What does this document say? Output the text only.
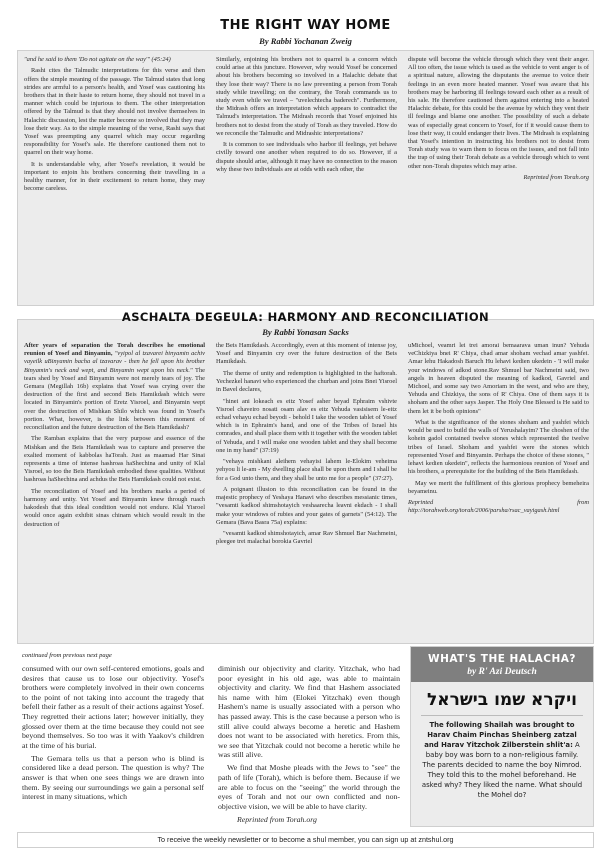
THE RIGHT WAY HOME
By Rabbi Yochanan Zweig

"and he said to them 'Do not agitate on the way'" (45:24)

Rashi cites the Talmudic interpretations for this verse and then offers the simple meaning of the passage. The Talmud states that long strides are armful to a person's health, and Yosef was cautioning his brothers that in their haste to return home, they should not travel in a manner which could be injurious to them. The other interpretation offered by the Talmud is that they should not involve themselves in Halachic discussion, lest the matter become so involved that they may lose their way. As to the simple meaning of the verse, Rashi says that Yosef was preempting any quarrel which may occur regarding responsibility for Yosef's sale. He therefore cautioned them not to quarrel on their way home.

It is understandable why, after Yosef's revelation, it would be important to enjoin his brothers concerning their travelling in a healthy manner, for in their excitement to return home, they may become careless.

Similarly, enjoining his brothers not to quarrel is a concern which could arise at this juncture. However, why would Yosef be concerned about his brothers becoming so involved in a Halachic debate that they lose their way? There is no law preventing a person from Torah study while travelling; on the contrary, the Torah commands us to study even while we travel – "uvelechtecha baderech". Furthermore, the Midrash offers an interpretation which appears to contradict the Talmud's interpretation. The Midrash records that Yosef enjoined his brothers not to desist from the study of Torah as they traveled. How do we reconcile the Talmudic and Midrashic interpretations?

It is common to see individuals who harbor ill feelings, yet behave civilly toward one another when required to do so. However, if a dispute should arise, although it may have no connection to the reason why these two individuals are at odds with each other, the

dispute will become the vehicle through which they vent their anger. All too often, the issue which is used as the vehicle to vent anger is of a spiritual nature, allowing the disputants the avenue to voice their feelings in an even more heated manner. Yosef was aware that his brothers may be harboring ill feelings toward each other as a result of his sale. He therefore cautioned them against entering into a heated Halachic debate, for this could be the avenue by which they vent their ill feelings and blame one another. The possibility of such a debate was of especially great concern to Yosef, for if it would cause them to lose their way, it could endanger their lives. The Midrash is explaining that Yosef's intention in instructing his brothers not to desist from Torah study was to warn them to focus on the issues, and not fall into the trap of using their Torah debate as a vehicle through which to vent other non-Torah disputes which may arise.

Reprinted from Torah.org

ASCHALTA DEGEULA: HARMONY AND RECONCILIATION
By Rabbi Yonasan Sacks

After years of separation the Torah describes he emotional reunion of Yosef and Binyamin, "vyipol al tzavarei binyamin achiv vayeilk uBinyamin bacha al tzavarav - then he fell upon his brother Binyamin's neck and wept, and Binyamin wept upon his neck." The tears shed by Yosef and Binyamin were not merely tears of joy. The Gemara (Megillah 16b) explains that Yosef was crying over the destruction of the first and second Beis Hamikdash which were located in Binyamin's portion of Eretz Yisroel, and Binyamin wept over the destruction of Mishkan Shilo which was found in Yosef's portion. What, however, is the link between this moment of reconciliation and the future destruction of the Beis Hamikdash?

The Ramban explains that the very purpose and essence of the Mishkan and the Beis Hamikdash was to capture and preserve the exalted moment of kabbolas haTorah. Just as maamad Har Sinai represents a time of intense hashroas haShechina and unity of Klal Yisroel, so too the Beis Hamikdash embodied these qualities. Without hashroas haShechina and achdus the Beis Hamikdash could not exist.

The reconciliation of Yosef and his brothers marks a period of harmony and unity. Yet Yosef and Binyamin knew through ruach hakodesh that this ideal condition would not endure. Klal Yisroel would once again exhibit sinas chinam which would result in the destruction of

the Beis Hamikdash. Accordingly, even at this moment of intense joy, Yosef and Binyamin cry over the future destruction of the Beis Hamikdash.

The theme of unity and redemption is highlighted in the haftorah. Yechezkel hanavi who experienced the churban and joins Bnei Yisroel in Bavel declares,

"hinei ani lokeach es eitz Yosef asher beyad Ephraim vshivte Yisroel chaveiro nosati osam alav es eitz Yehuda vasisisem le-eitz echad vehayu echad beyodi - behold I take the wooden tablet of Yosef which is in Ephraim's hand, and one of the Tribes of Israel his comrades, and shall place them with it together with the wooden tablet of Yehuda, and I will make one wooden tablet and they shall become one in my hand" (37:19)

"vehaya mishkani aleihem vehayisi lahem le-Elokim veheima yehyou li le-am - My dwelling place shall be upon them and I shall be for a God unto them, and they shall be unto me for a people" (37:27).

A poignant illusion to this reconciliation can be found in the majestic prophecy of Yeshaya Hanavi who describes messianic times, "vesamti kadkod shimshotayich veshaarecha leavni ekdach - I shall make your windows of rubies and your gates of garnets" (54:12). The Gemara (Bava Basra 75a) explains:

"vesamti kadkod shimshotayich, amar Rav Shmuel Bar Nachmeini, pleegee trei malachai borokia Gavriel

uMichoel, veamri lei trei amorai bemaarava uman inun? Yehuda veChizkiya bnei R' Chiya, chad amar shoham vechad amar yashfei. Amar lehu Hakadosh Baruch Hu lehavi kedien ukedein - 'I will make your windows of adkod stone.Rav Shmuel bar Nachmeini said, two angels in heaven disputed the meaning of kadkod, Gavriel and Michoel, and some say two Amoriam in the west, and who are they, Yehuda and Chizkiya, the sons of R' Chiya. One of them says it is shoham and the other says Jasper. The Holy One Blessed is He said to them let it be both opinions"

What is the significance of the stones shoham and yashfei which would be used to build the walls of Yerushalayim? The choshen of the kohein gadol contained twelve stones which represented the twelve tribes of Israel. Shoham and yashfei were the stones which represented Yosef and Binyamin. Perhaps the choice of these stones, " lehavi kedien ukedein", reflects the harmonious reunion of Yosef and his brothers, a prerequisite for the building of the Beis Hamikdash.

May we merit the fulfillment of this glorious prophecy bemeheira beyameinu.

Reprinted from http://torahweb.org/torah/2006/parsha/rsac_vayigash.html

continued from previous next page

consumed with our own self-centered emotions, goals and desires that cause us to lose our objectivity. Yosef's brothers were completely involved in their own concerns to the point of not taking into account the tragedy that befell their father as a result of their actions against Yosef. They regretted their actions later; however initially, they glossed over them at the time because they could not see beyond themselves. So too was it with Yaakov's children at the time of his burial.

The Gemara tells us that a person who is blind is considered like a dead person. The question is why? The answer is that when one sees things we are drawn into them. By seeing our surroundings we gain a personal self interest in many situations, which

diminish our objectivity and clarity. Yitzchak, who had poor eyesight in his old age, was able to maintain objectivity and clarity. We find that Hashem associated his name with him (Elokei Yitzchak) even though Hashem's name is usually associated with a person who has passed away. This is the case because a person who is still alive could always become a heretic and Hashem does not want to be associated with heretics. From this, we see that Yitzchak could not become a heretic while he was still alive.

We find that Moshe pleads with the Jews to "see" the path of life (Torah), which is before them. Because if we are able to focus on the "seeing" the world through the eyes of Torah and not our own conflicted and non-objective vision, we will be able to have clarity.

Reprinted from Torah.org

WHAT'S THE HALACHA?
by R' Azi Deutsch
ויקרא שמו בישראל
The following Shailah was brought to Harav Chaim Pinchas Sheinberg zatzal and Harav Yitzchok Zilberstein shlit'a: A baby boy was born to a non-religious family. The parents decided to name the boy Nimrod. They told this to the mohel beforehand. He asked why? They liked the name. What should the Mohel do?
To receive the weekly newsletter or to become a shul member, you can sign up at zntshul.org
